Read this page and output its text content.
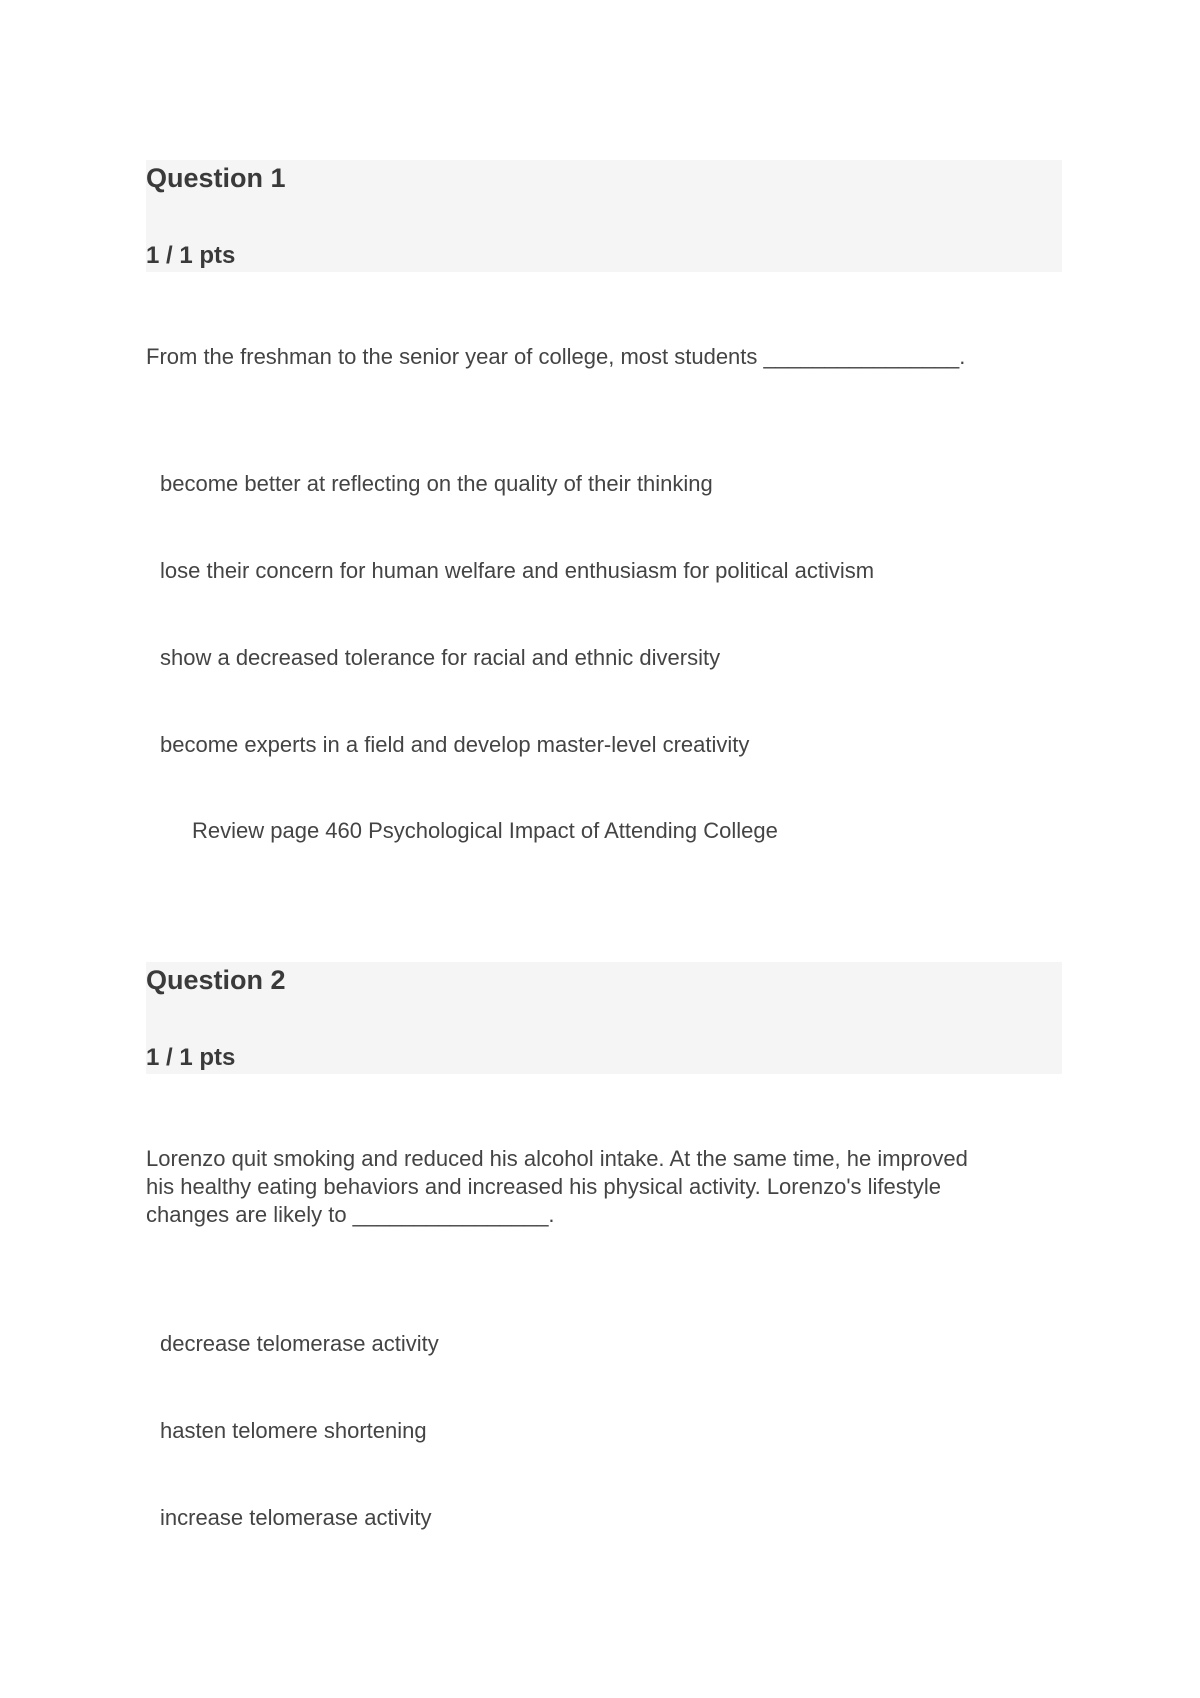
Question 1
1 / 1 pts
From the freshman to the senior year of college, most students ________________.
become better at reflecting on the quality of their thinking
lose their concern for human welfare and enthusiasm for political activism
show a decreased tolerance for racial and ethnic diversity
become experts in a field and develop master-level creativity
Review page 460 Psychological Impact of Attending College
Question 2
1 / 1 pts
Lorenzo quit smoking and reduced his alcohol intake. At the same time, he improved
his healthy eating behaviors and increased his physical activity. Lorenzo's lifestyle
changes are likely to ________________.
decrease telomerase activity
hasten telomere shortening
increase telomerase activity
